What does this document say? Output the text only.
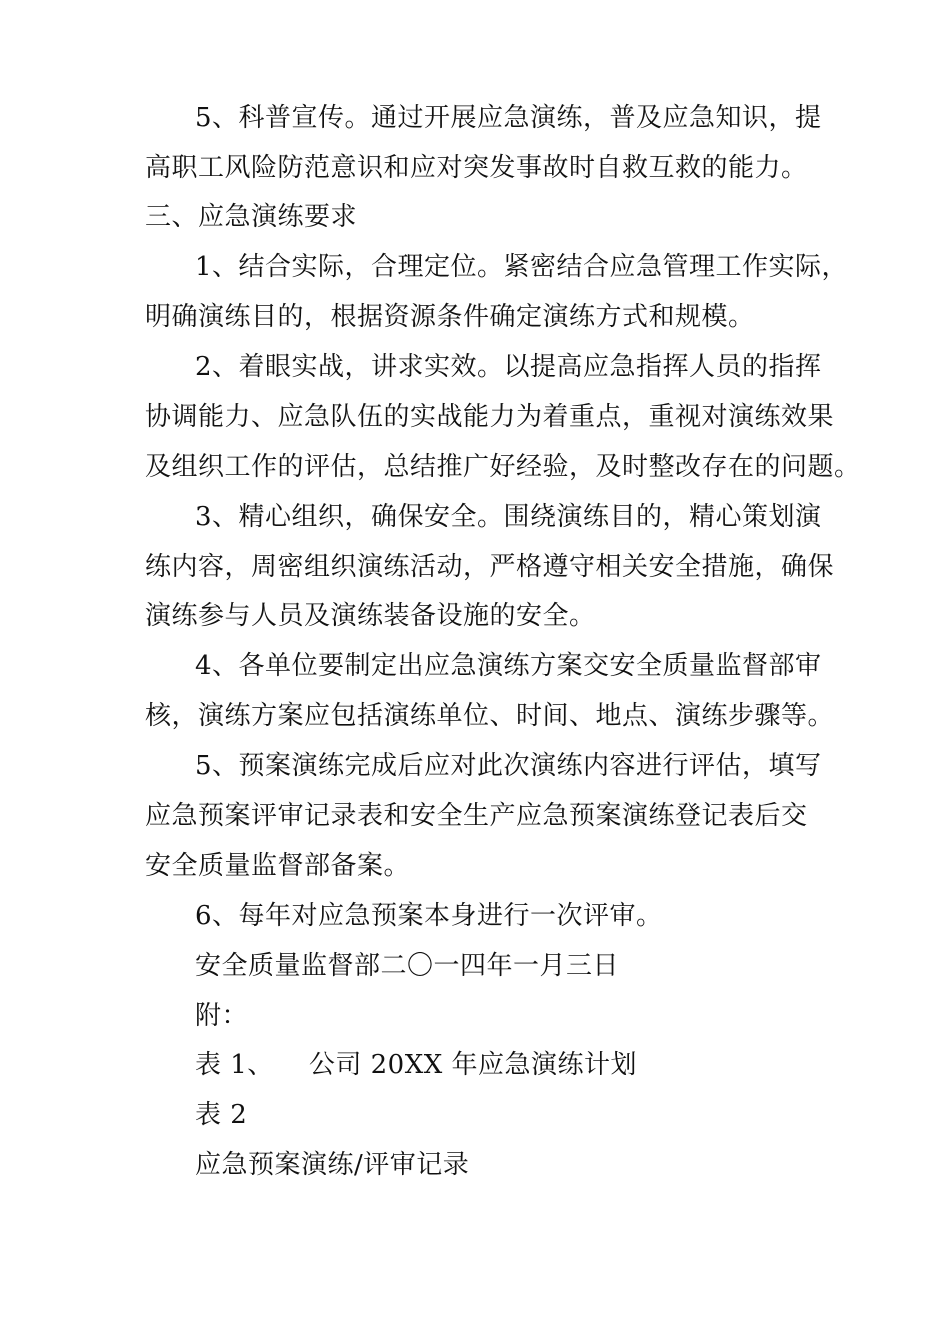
5、科普宣传。通过开展应急演练，普及应急知识，提
高职工风险防范意识和应对突发事故时自救互救的能力。
三、应急演练要求
1、结合实际，合理定位。紧密结合应急管理工作实际，
明确演练目的，根据资源条件确定演练方式和规模。
2、着眼实战，讲求实效。以提高应急指挥人员的指挥
协调能力、应急队伍的实战能力为着重点，重视对演练效果
及组织工作的评估，总结推广好经验，及时整改存在的问题。
3、精心组织，确保安全。围绕演练目的，精心策划演
练内容，周密组织演练活动，严格遵守相关安全措施，确保
演练参与人员及演练装备设施的安全。
4、各单位要制定出应急演练方案交安全质量监督部审
核，演练方案应包括演练单位、时间、地点、演练步骤等。
5、预案演练完成后应对此次演练内容进行评估，填写
应急预案评审记录表和安全生产应急预案演练登记表后交
安全质量监督部备案。
6、每年对应急预案本身进行一次评审。
安全质量监督部二〇一四年一月三日
附：
表 1、    公司 20XX 年应急演练计划
表 2
应急预案演练/评审记录
